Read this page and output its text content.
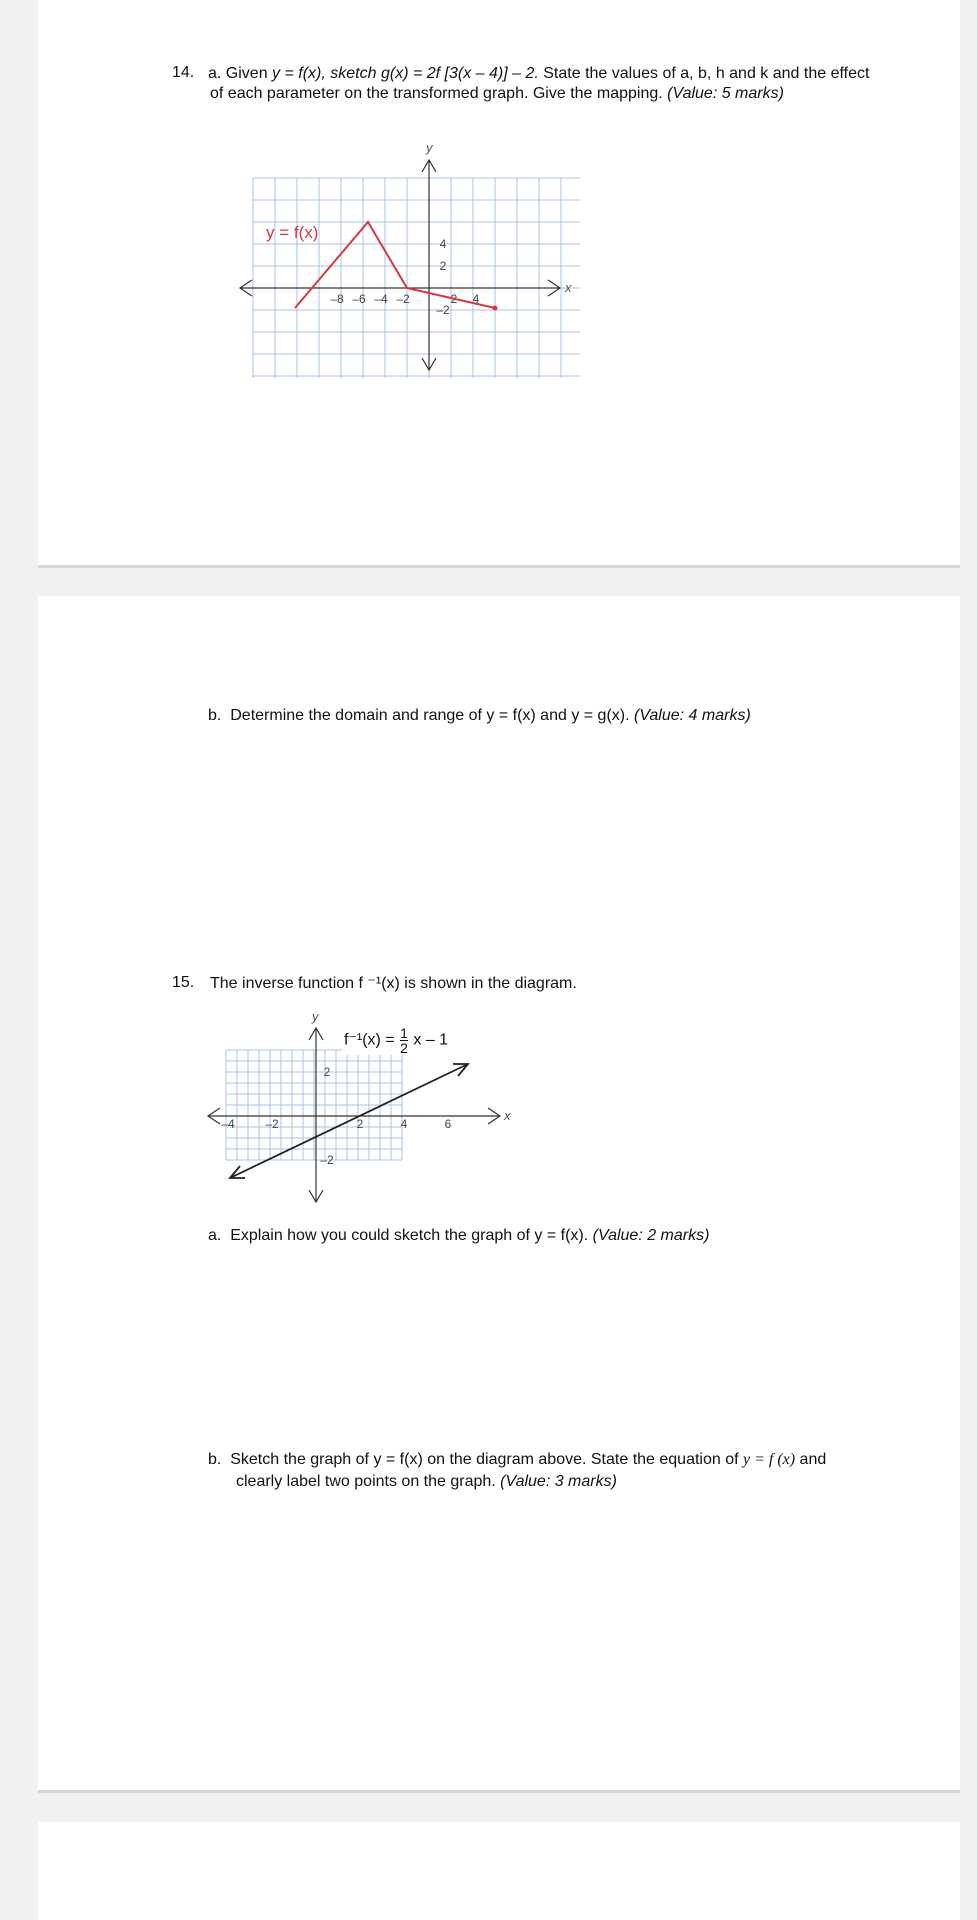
14. a. Given y = f(x), sketch g(x) = 2f [3(x – 4)] – 2. State the values of a, b, h and k and the effect
of each parameter on the transformed graph. Give the mapping. (Value: 5 marks)
y
x
–8 –6 –4 –2	2 4
4
2
–2
y = f(x)
b. Determine the domain and range of y = f(x) and y = g(x). (Value: 4 marks)
15. The inverse function f ⁻¹(x) is shown in the diagram.
y
x
–4	–2	2	4	6
2
–2
$f^{-1}(x) = \frac{1}{2}$ x – 1
a. Explain how you could sketch the graph of y = f(x). (Value: 2 marks)
b. Sketch the graph of y = f(x) on the diagram above. State the equation of y = f (x) and
clearly label two points on the graph. (Value: 3 marks)
